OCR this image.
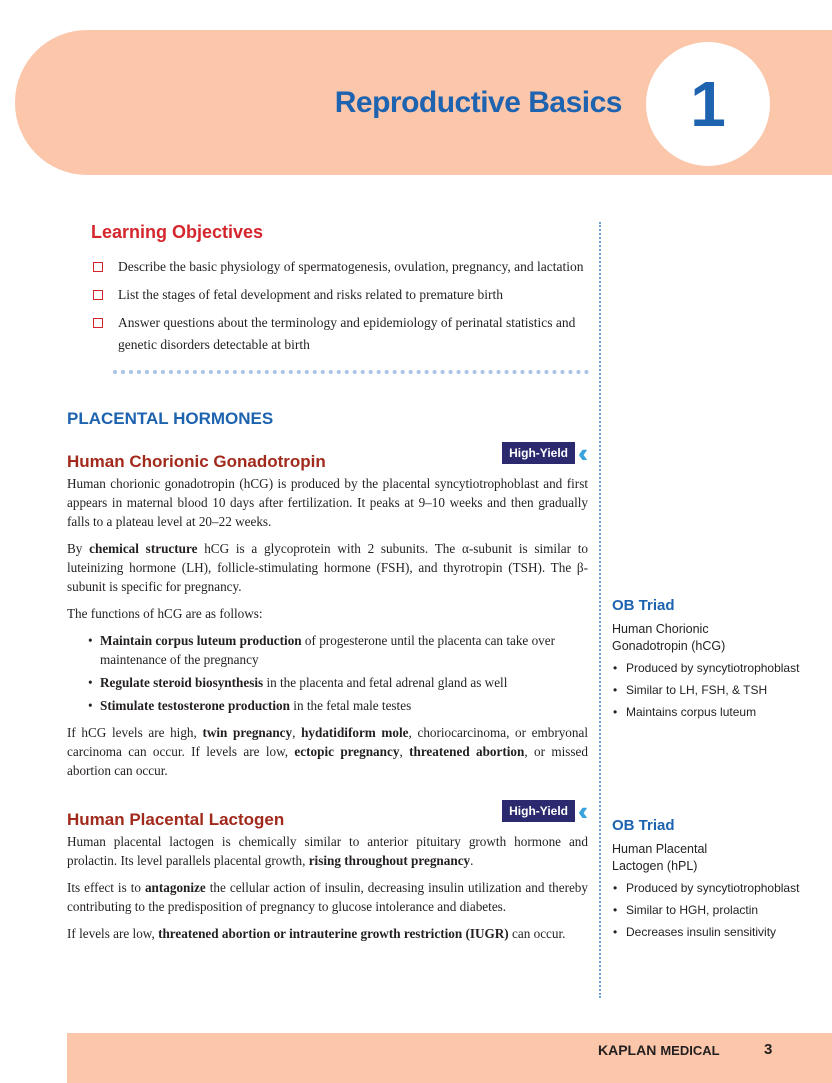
Reproductive Basics	1
Learning Objectives
Describe the basic physiology of spermatogenesis, ovulation, pregnancy, and lactation
List the stages of fetal development and risks related to premature birth
Answer questions about the terminology and epidemiology of perinatal statistics and genetic disorders detectable at birth
PLACENTAL HORMONES
Human Chorionic Gonadotropin	High-Yield ‹‹‹
Human chorionic gonadotropin (hCG) is produced by the placental syncytiotrophoblast and first appears in maternal blood 10 days after fertilization. It peaks at 9–10 weeks and then gradually falls to a plateau level at 20–22 weeks.
By chemical structure hCG is a glycoprotein with 2 subunits. The α-subunit is similar to luteinizing hormone (LH), follicle-stimulating hormone (FSH), and thyrotropin (TSH). The β-subunit is specific for pregnancy.
The functions of hCG are as follows:
• Maintain corpus luteum production of progesterone until the placenta can take over maintenance of the pregnancy
• Regulate steroid biosynthesis in the placenta and fetal adrenal gland as well
• Stimulate testosterone production in the fetal male testes
If hCG levels are high, twin pregnancy, hydatidiform mole, choriocarcinoma, or embryonal carcinoma can occur. If levels are low, ectopic pregnancy, threatened abortion, or missed abortion can occur.
Human Placental Lactogen	High-Yield ‹‹‹
Human placental lactogen is chemically similar to anterior pituitary growth hormone and prolactin. Its level parallels placental growth, rising throughout pregnancy.
Its effect is to antagonize the cellular action of insulin, decreasing insulin utilization and thereby contributing to the predisposition of pregnancy to glucose intolerance and diabetes.
If levels are low, threatened abortion or intrauterine growth restriction (IUGR) can occur.
OB Triad
Human Chorionic Gonadotropin (hCG)
• Produced by syncytiotrophoblast
• Similar to LH, FSH, & TSH
• Maintains corpus luteum
OB Triad
Human Placental Lactogen (hPL)
• Produced by syncytiotrophoblast
• Similar to HGH, prolactin
• Decreases insulin sensitivity
KAPLAN MEDICAL	3
